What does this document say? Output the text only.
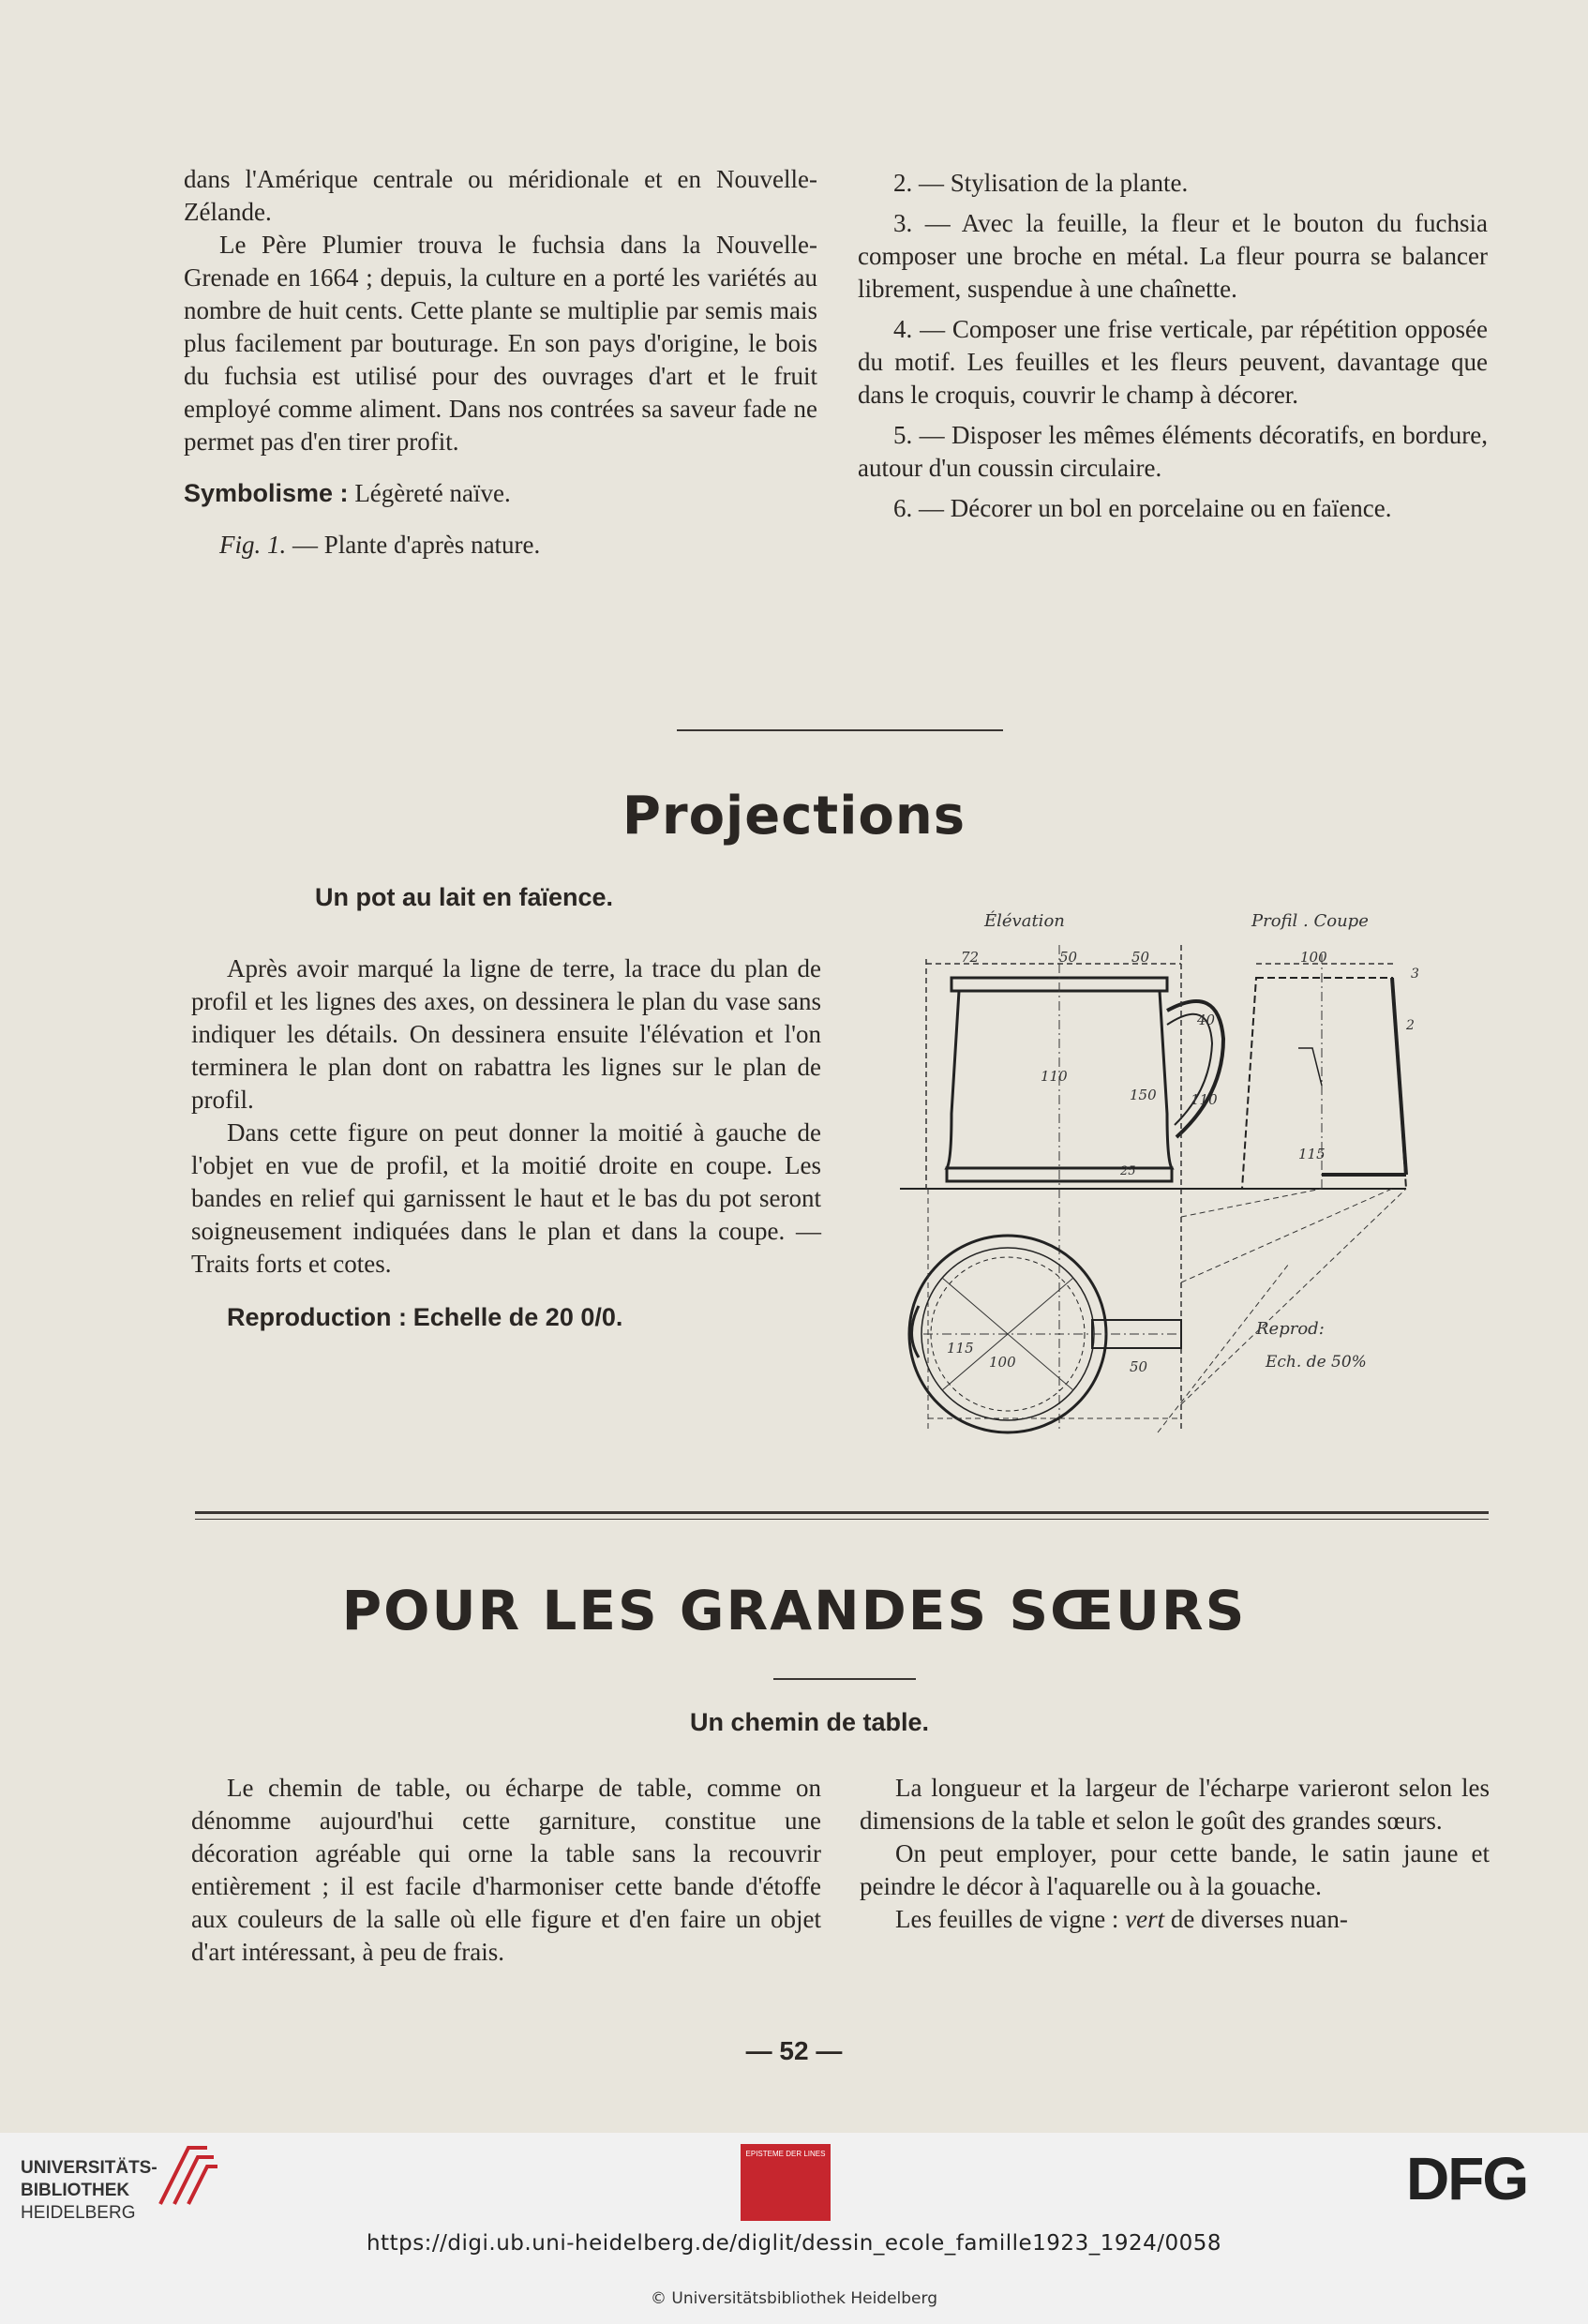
dans l'Amérique centrale ou méridionale et en Nouvelle-Zélande.

Le Père Plumier trouva le fuchsia dans la Nouvelle-Grenade en 1664 ; depuis, la culture en a porté les variétés au nombre de huit cents. Cette plante se multiplie par semis mais plus facilement par bouturage. En son pays d'origine, le bois du fuchsia est utilisé pour des ouvrages d'art et le fruit employé comme aliment. Dans nos contrées sa saveur fade ne permet pas d'en tirer profit.

Symbolisme : Légèreté naïve.

Fig. 1. — Plante d'après nature.

2. — Stylisation de la plante.

3. — Avec la feuille, la fleur et le bouton du fuchsia composer une broche en métal. La fleur pourra se balancer librement, suspendue à une chaînette.

4. — Composer une frise verticale, par répétition opposée du motif. Les feuilles et les fleurs peuvent, davantage que dans le croquis, couvrir le champ à décorer.

5. — Disposer les mêmes éléments décoratifs, en bordure, autour d'un coussin circulaire.

6. — Décorer un bol en porcelaine ou en faïence.

Projections
Un pot au lait en faïence.

Après avoir marqué la ligne de terre, la trace du plan de profil et les lignes des axes, on dessinera le plan du vase sans indiquer les détails. On dessinera ensuite l'élévation et l'on terminera le plan dont on rabattra les lignes sur le plan de profil.

Dans cette figure on peut donner la moitié à gauche de l'objet en vue de profil, et la moitié droite en coupe. Les bandes en relief qui garnissent le haut et le bas du pot seront soigneusement indiquées dans le plan et dans la coupe. — Traits forts et cotes.

Reproduction : Echelle de 20 0/0.

Élévation	Profil . Coupe
72	50	50	100
40
110
150 110
115
25
50
115
100
3
2
Reprod:
Ech. de 50%
POUR LES GRANDES SŒURS
Un chemin de table.

Le chemin de table, ou écharpe de table, comme on dénomme aujourd'hui cette garniture, constitue une décoration agréable qui orne la table sans la recouvrir entièrement ; il est facile d'harmoniser cette bande d'étoffe aux couleurs de la salle où elle figure et d'en faire un objet d'art intéressant, à peu de frais.

La longueur et la largeur de l'écharpe varieront selon les dimensions de la table et selon le goût des grandes sœurs.

On peut employer, pour cette bande, le satin jaune et peindre le décor à l'aquarelle ou à la gouache.

Les feuilles de vigne : vert de diverses nuan-

— 52 —
UNIVERSITÄTS-
BIBLIOTHEK
HEIDELBERG
EPISTEME DER LINES	DFG
https://digi.ub.uni-heidelberg.de/diglit/dessin_ecole_famille1923_1924/0058
© Universitätsbibliothek Heidelberg
